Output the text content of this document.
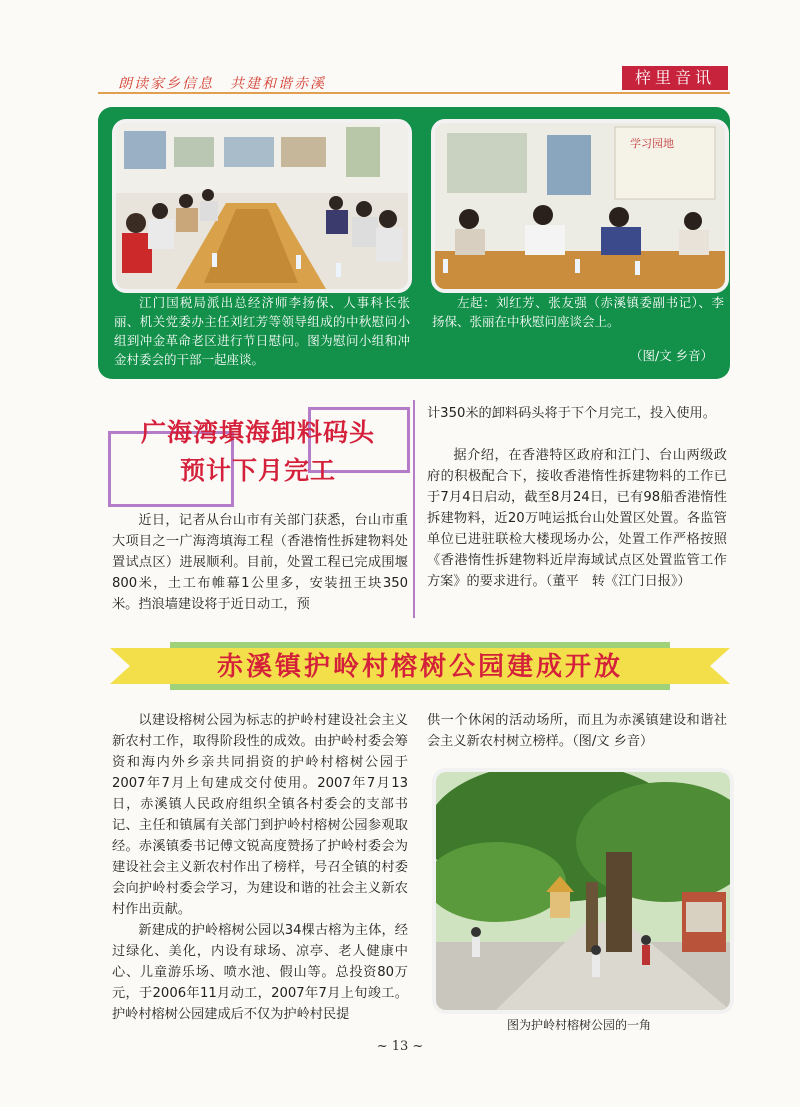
朗读家乡信息　共建和谐赤溪	梓里音讯
学习园地
江门国税局派出总经济师李扬保、人事科长张丽、机关党委办主任刘红芳等领导组成的中秋慰问小组到冲金革命老区进行节日慰问。图为慰问小组和冲金村委会的干部一起座谈。
左起：刘红芳、张友强（赤溪镇委副书记）、李扬保、张丽在中秋慰问座谈会上。
（图/文 乡音）
广海湾填海卸料码头
预计下月完工
近日，记者从台山市有关部门获悉，台山市重大项目之一广海湾填海工程（香港惰性拆建物料处置试点区）进展顺利。目前，处置工程已完成围堰800米，土工布帷幕1公里多，安装扭王块350米。挡浪墙建设将于近日动工，预
计350米的卸料码头将于下个月完工，投入使用。
据介绍，在香港特区政府和江门、台山两级政府的积极配合下，接收香港惰性拆建物料的工作已于7月4日启动，截至8月24日，已有98船香港惰性拆建物料，近20万吨运抵台山处置区处置。各监管单位已进驻联检大楼现场办公，处置工作严格按照《香港惰性拆建物料近岸海域试点区处置监管工作方案》的要求进行。（董平　转《江门日报》）
赤溪镇护岭村榕树公园建成开放
以建设榕树公园为标志的护岭村建设社会主义新农村工作，取得阶段性的成效。由护岭村委会筹资和海内外乡亲共同捐资的护岭村榕树公园于2007年7月上旬建成交付使用。2007年7月13日，赤溪镇人民政府组织全镇各村委会的支部书记、主任和镇属有关部门到护岭村榕树公园参观取经。赤溪镇委书记傅文锐高度赞扬了护岭村委会为建设社会主义新农村作出了榜样，号召全镇的村委会向护岭村委会学习，为建设和谐的社会主义新农村作出贡献。
新建成的护岭榕树公园以34棵古榕为主体，经过绿化、美化，内设有球场、凉亭、老人健康中心、儿童游乐场、喷水池、假山等。总投资80万元，于2006年11月动工，2007年7月上旬竣工。护岭村榕树公园建成后不仅为护岭村民提
供一个休闲的活动场所，而且为赤溪镇建设和谐社会主义新农村树立榜样。（图/文 乡音）
图为护岭村榕树公园的一角
~ 13 ~
